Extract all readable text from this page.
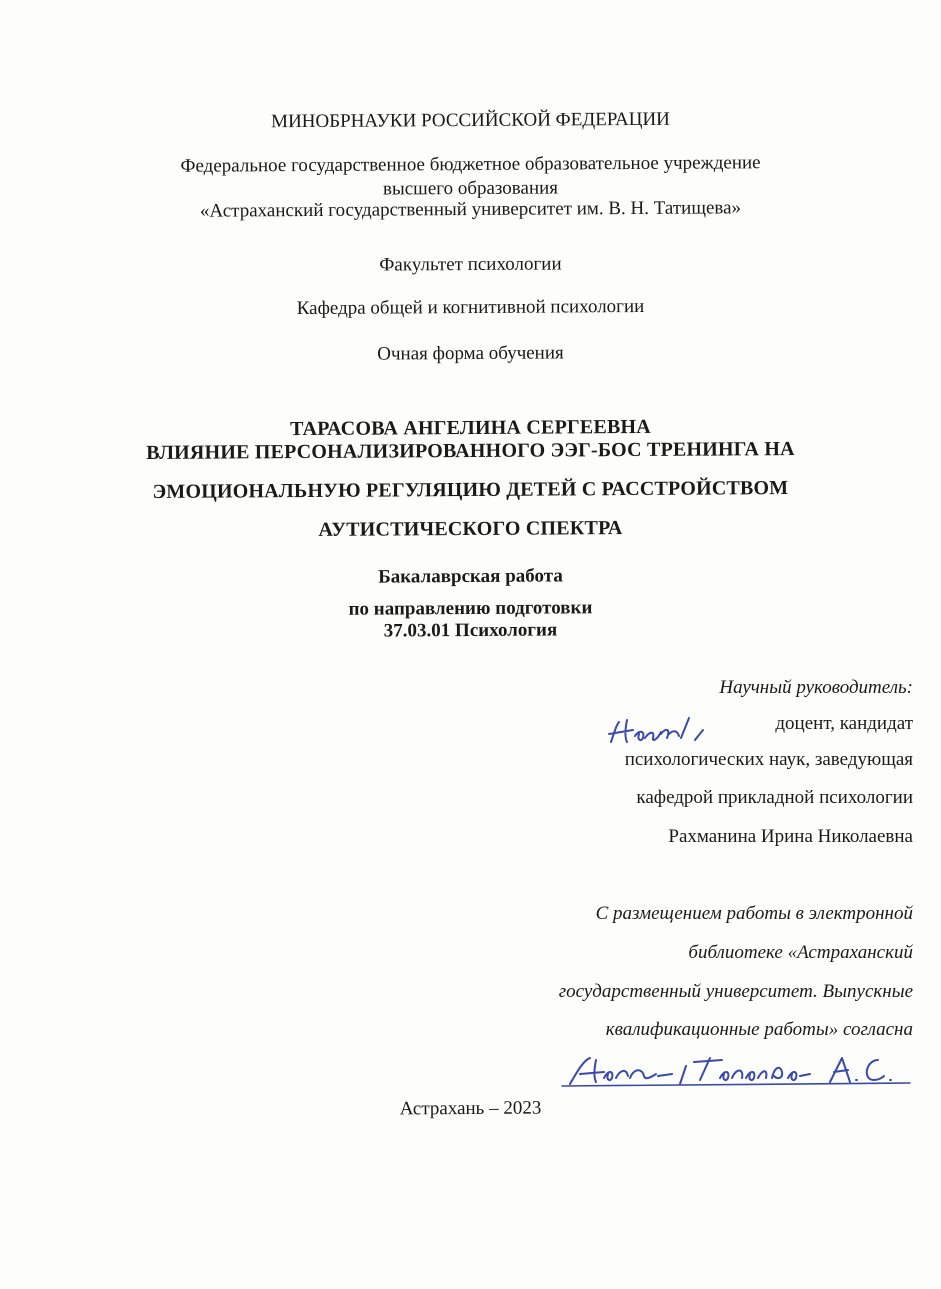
МИНОБРНАУКИ РОССИЙСКОЙ ФЕДЕРАЦИИ
Федеральное государственное бюджетное образовательное учреждение
высшего образования
«Астраханский государственный университет им. В. Н. Татищева»
Факультет психологии
Кафедра общей и когнитивной психологии
Очная форма обучения
ТАРАСОВА АНГЕЛИНА СЕРГЕЕВНА
ВЛИЯНИЕ ПЕРСОНАЛИЗИРОВАННОГО ЭЭГ-БОС ТРЕНИНГА НА
ЭМОЦИОНАЛЬНУЮ РЕГУЛЯЦИЮ ДЕТЕЙ С РАССТРОЙСТВОМ
АУТИСТИЧЕСКОГО СПЕКТРА
Бакалаврская работа
по направлению подготовки
37.03.01 Психология
Научный руководитель:
доцент, кандидат
психологических наук, заведующая
кафедрой прикладной психологии
Рахманина Ирина Николаевна
С размещением работы в электронной
библиотеке «Астраханский
государственный университет. Выпускные
квалификационные работы» согласна
Астрахань – 2023
